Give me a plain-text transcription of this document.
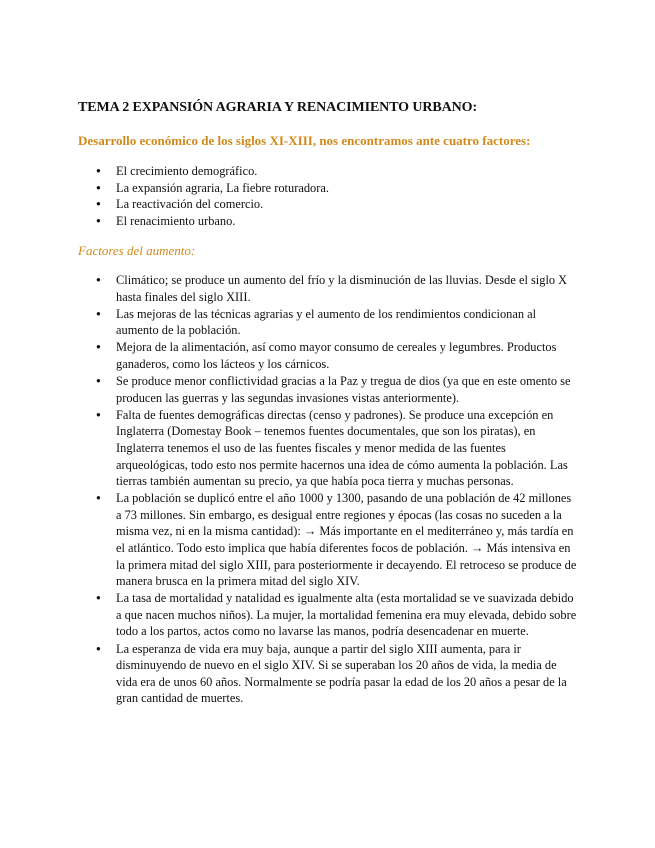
TEMA 2 EXPANSIÓN AGRARIA Y RENACIMIENTO URBANO:
Desarrollo económico de los siglos XI-XIII, nos encontramos ante cuatro factores:
● El crecimiento demográfico.
● La expansión agraria, La fiebre roturadora.
● La reactivación del comercio.
● El renacimiento urbano.
Factores del aumento:
● Climático; se produce un aumento del frío y la disminución de las lluvias. Desde el siglo X hasta finales del siglo XIII.
● Las mejoras de las técnicas agrarias y el aumento de los rendimientos condicionan al aumento de la población.
● Mejora de la alimentación, así como mayor consumo de cereales y legumbres. Productos ganaderos, como los lácteos y los cárnicos.
● Se produce menor conflictividad gracias a la Paz y tregua de dios (ya que en este omento se producen las guerras y las segundas invasiones vistas anteriormente).
● Falta de fuentes demográficas directas (censo y padrones). Se produce una excepción en Inglaterra (Domestay Book – tenemos fuentes documentales, que son los piratas), en Inglaterra tenemos el uso de las fuentes fiscales y menor medida de las fuentes arqueológicas, todo esto nos permite hacernos una idea de cómo aumenta la población. Las tierras también aumentan su precio, ya que había poca tierra y muchas personas.
● La población se duplicó entre el año 1000 y 1300, pasando de una población de 42 millones a 73 millones. Sin embargo, es desigual entre regiones y épocas (las cosas no suceden a la misma vez, ni en la misma cantidad): → Más importante en el mediterráneo y, más tardía en el atlántico. Todo esto implica que había diferentes focos de población. → Más intensiva en la primera mitad del siglo XIII, para posteriormente ir decayendo. El retroceso se produce de manera brusca en la primera mitad del siglo XIV.
● La tasa de mortalidad y natalidad es igualmente alta (esta mortalidad se ve suavizada debido a que nacen muchos niños). La mujer, la mortalidad femenina era muy elevada, debido sobre todo a los partos, actos como no lavarse las manos, podría desencadenar en muerte.
● La esperanza de vida era muy baja, aunque a partir del siglo XIII aumenta, para ir disminuyendo de nuevo en el siglo XIV. Si se superaban los 20 años de vida, la media de vida era de unos 60 años. Normalmente se podría pasar la edad de los 20 años a pesar de la gran cantidad de muertes.
